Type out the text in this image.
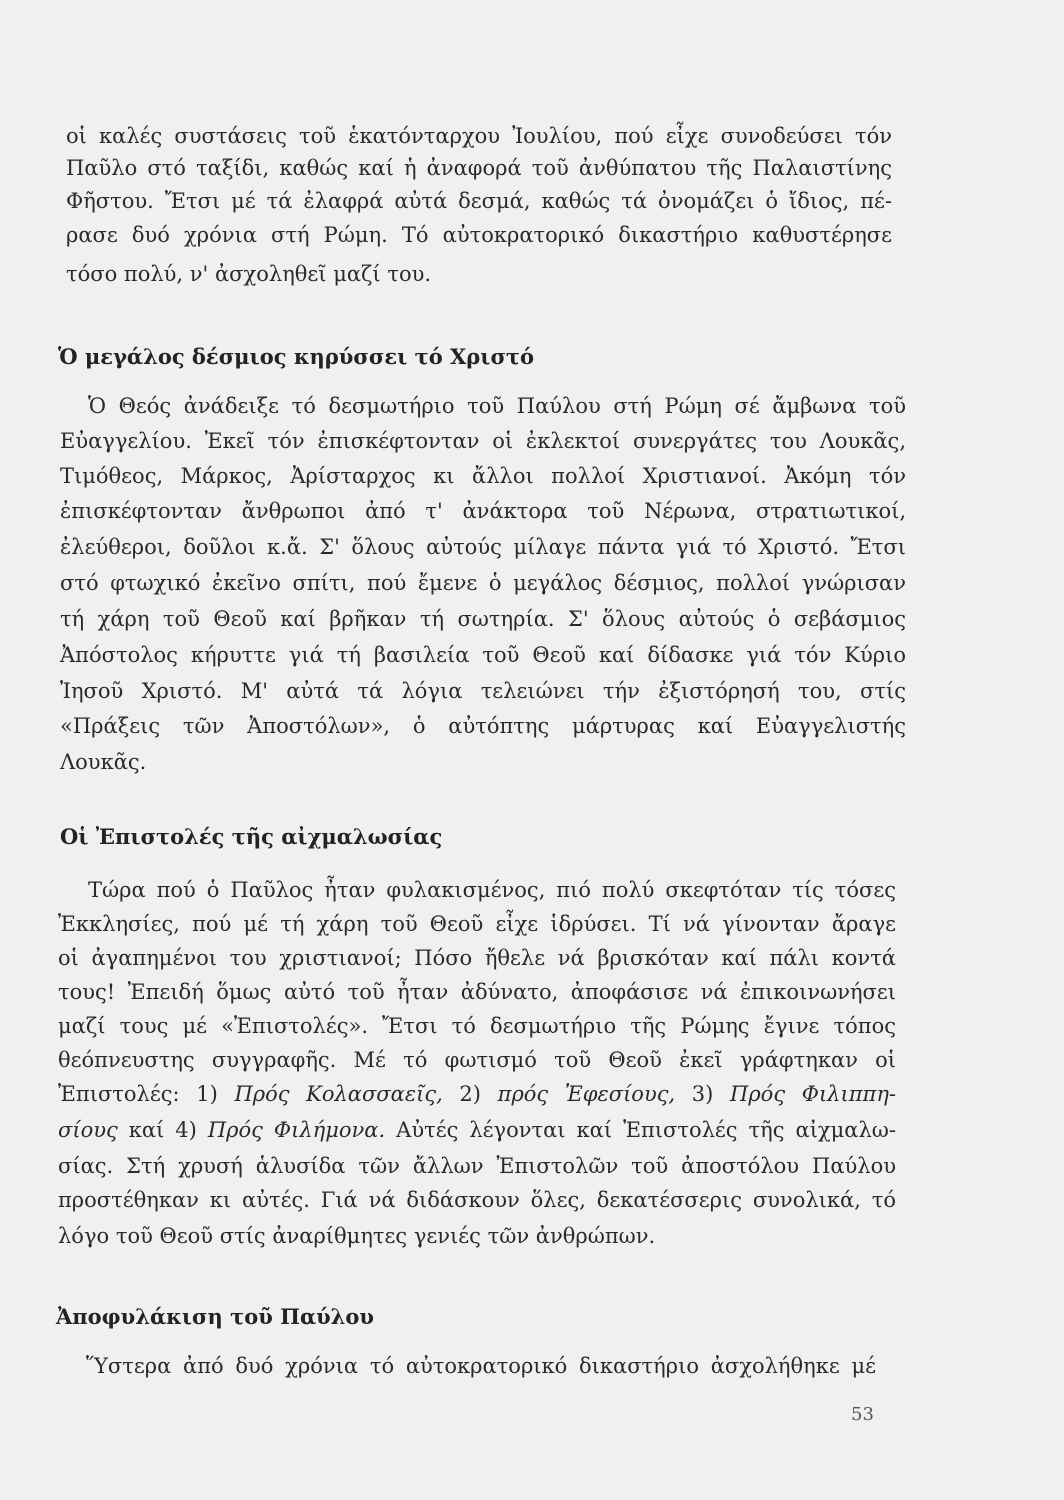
οἱ καλές συστάσεις τοῦ ἑκατόνταρχου Ἰουλίου, πού εἶχε συνοδεύσει τόν

Παῦλο στό ταξίδι, καθώς καί ἡ ἀναφορά τοῦ ἀνθύπατου τῆς Παλαιστίνης

Φῆστου. Ἔτσι μέ τά ἐλαφρά αὐτά δεσμά, καθώς τά ὀνομάζει ὁ ἴδιος, πέ-

ρασε δυό χρόνια στή Ρώμη. Τό αὐτοκρατορικό δικαστήριο καθυστέρησε

τόσο πολύ, ν' ἀσχοληθεῖ μαζί του.

Ὁ μεγάλος δέσμιος κηρύσσει τό Χριστό

Ὁ Θεός ἀνάδειξε τό δεσμωτήριο τοῦ Παύλου στή Ρώμη σέ ἄμβωνα τοῦ

Εὐαγγελίου. Ἐκεῖ τόν ἐπισκέφτονταν οἱ ἐκλεκτοί συνεργάτες του Λουκᾶς,

Τιμόθεος, Μάρκος, Ἀρίσταρχος κι ἄλλοι πολλοί Χριστιανοί. Ἀκόμη τόν

ἐπισκέφτονταν ἄνθρωποι ἀπό τ' ἀνάκτορα τοῦ Νέρωνα, στρατιωτικοί,

ἐλεύθεροι, δοῦλοι κ.ἄ. Σ' ὅλους αὐτούς μίλαγε πάντα γιά τό Χριστό. Ἔτσι

στό φτωχικό ἐκεῖνο σπίτι, πού ἔμενε ὁ μεγάλος δέσμιος, πολλοί γνώρισαν

τή χάρη τοῦ Θεοῦ καί βρῆκαν τή σωτηρία. Σ' ὅλους αὐτούς ὁ σεβάσμιος

Ἀπόστολος κήρυττε γιά τή βασιλεία τοῦ Θεοῦ καί δίδασκε γιά τόν Κύριο

Ἰησοῦ Χριστό. Μ' αὐτά τά λόγια τελειώνει τήν ἐξιστόρησή του, στίς

«Πράξεις τῶν Ἀποστόλων», ὁ αὐτόπτης μάρτυρας καί Εὐαγγελιστής

Λουκᾶς.

Οἱ Ἐπιστολές τῆς αἰχμαλωσίας

Τώρα πού ὁ Παῦλος ἦταν φυλακισμένος, πιό πολύ σκεφτόταν τίς τόσες

Ἐκκλησίες, πού μέ τή χάρη τοῦ Θεοῦ εἶχε ἱδρύσει. Τί νά γίνονταν ἄραγε

οἱ ἀγαπημένοι του χριστιανοί; Πόσο ἤθελε νά βρισκόταν καί πάλι κοντά

τους! Ἐπειδή ὅμως αὐτό τοῦ ἦταν ἀδύνατο, ἀποφάσισε νά ἐπικοινωνήσει

μαζί τους μέ «Ἐπιστολές». Ἔτσι τό δεσμωτήριο τῆς Ρώμης ἔγινε τόπος

θεόπνευστης συγγραφῆς. Μέ τό φωτισμό τοῦ Θεοῦ ἐκεῖ γράφτηκαν οἱ

Ἐπιστολές: 1) Πρός Κολασσαεῖς, 2) πρός Ἐφεσίους, 3) Πρός Φιλιππη-

σίους καί 4) Πρός Φιλήμονα. Αὐτές λέγονται καί Ἐπιστολές τῆς αἰχμαλω-

σίας. Στή χρυσή ἁλυσίδα τῶν ἄλλων Ἐπιστολῶν τοῦ ἀποστόλου Παύλου

προστέθηκαν κι αὐτές. Γιά νά διδάσκουν ὅλες, δεκατέσσερις συνολικά, τό

λόγο τοῦ Θεοῦ στίς ἀναρίθμητες γενιές τῶν ἀνθρώπων.

Ἀποφυλάκιση τοῦ Παύλου

Ὕστερα ἀπό δυό χρόνια τό αὐτοκρατορικό δικαστήριο ἀσχολήθηκε μέ

53
